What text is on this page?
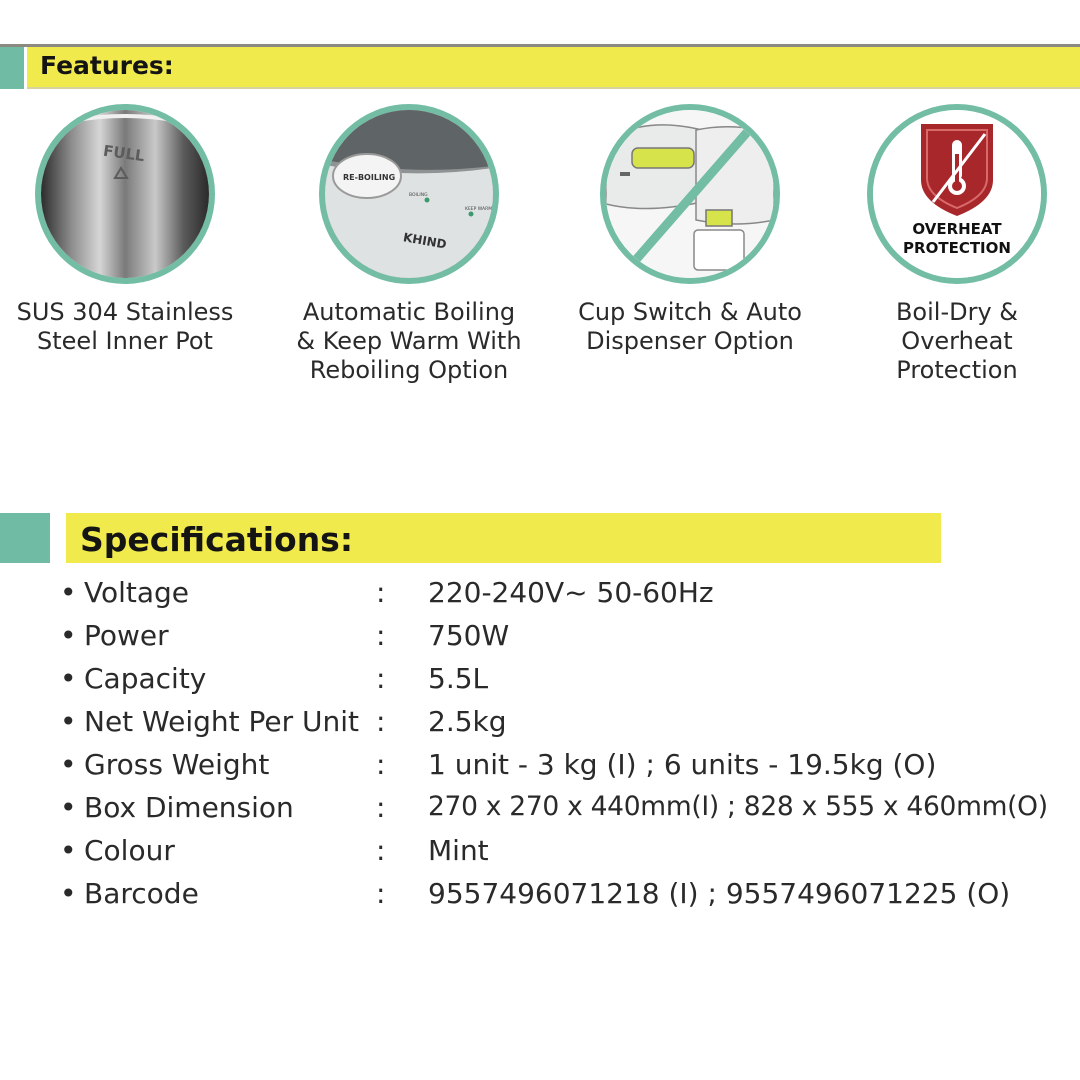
Features:
FULL
SUS 304 Stainless
Steel Inner Pot
RE-BOILING
BOILING
KEEP WARM
KHIND
Automatic Boiling
& Keep Warm With
Reboiling Option
Cup Switch & Auto
Dispenser Option
OVERHEAT
PROTECTION
Boil-Dry & Overheat
Protection
Specifications:
• Voltage	: 220-240V~ 50-60Hz
• Power	: 750W
• Capacity	: 5.5L
• Net Weight Per Unit : 2.5kg
• Gross Weight	: 1 unit - 3 kg (I) ; 6 units - 19.5kg (O)
• Box Dimension	: 270 x 270 x 440mm(I) ; 828 x 555 x 460mm(O)
• Colour	: Mint
• Barcode	: 9557496071218 (I) ; 9557496071225 (O)
